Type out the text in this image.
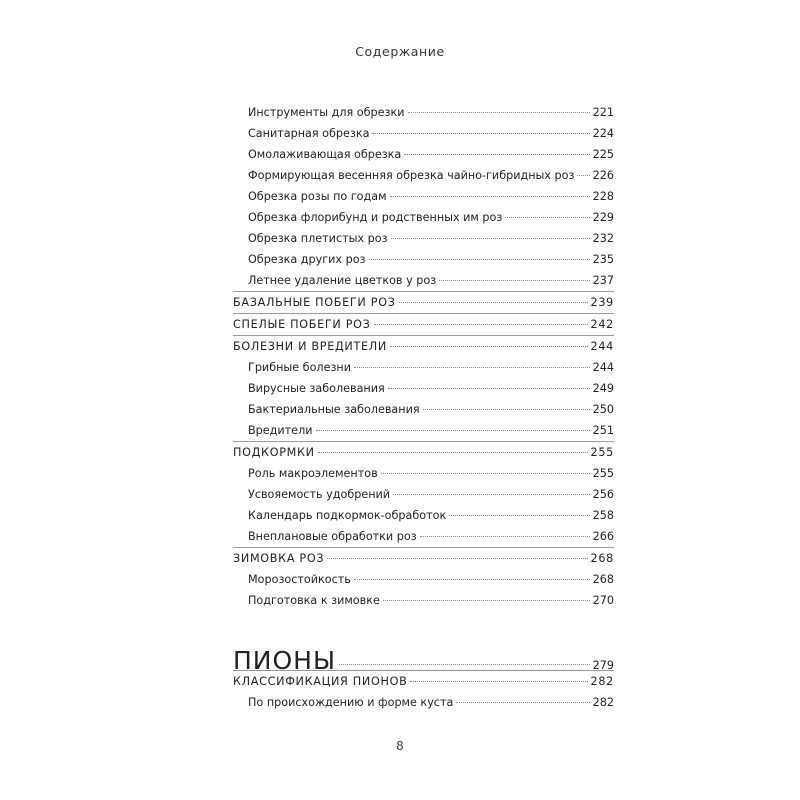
Содержание
Инструменты для обрезки	221
Санитарная обрезка	224
Омолаживающая обрезка	225
Формирующая весенняя обрезка чайно-гибридных роз 226
Обрезка розы по годам	228
Обрезка флорибунд и родственных им роз	229
Обрезка плетистых роз	232
Обрезка других роз	235
Летнее удаление цветков у роз	237
БАЗАЛЬНЫЕ ПОБЕГИ РОЗ	239
СПЕЛЫЕ ПОБЕГИ РОЗ	242
БОЛЕЗНИ И ВРЕДИТЕЛИ	244
Грибные болезни	244
Вирусные заболевания	249
Бактериальные заболевания	250
Вредители	251
ПОДКОРМКИ	255
Роль макроэлементов	255
Усвояемость удобрений	256
Календарь подкормок-обработок	258
Внеплановые обработки роз	266
ЗИМОВКА РОЗ	268
Морозостойкость	268
Подготовка к зимовке	270
ПИОНЫ	279
КЛАССИФИКАЦИЯ ПИОНОВ	282
По происхождению и форме куста	282
8
